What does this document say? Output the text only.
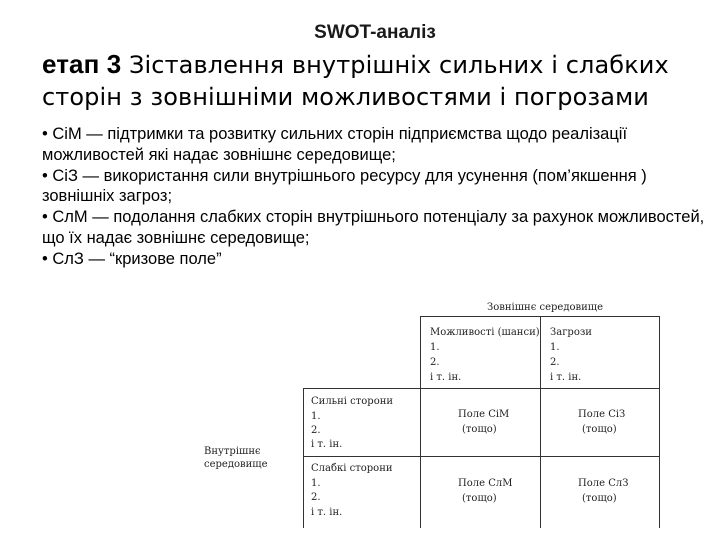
SWOT-аналіз
етап 3 Зіставлення внутрішніх сильних і слабких сторін з зовнішніми можливостями і погрозами

• СіМ — підтримки та розвитку сильних сторін підприємства щодо реалізації можливостей які надає зовнішнє середовище;

• СіЗ — використання сили внутрішнього ресурсу для усунення (пом’якшення ) зовнішніх загроз;

• СлМ — подолання слабких сторін внутрішнього потенціалу за рахунок можливостей, що їх надає зовнішнє середовище;

• СлЗ — “кризове поле”

Зовнішнє середовище
Можливості (шанси)
1.
2.
і т. ін.
Загрози
1.
2.
і т. ін.
Внутрішнє
середовище
Сильні сторони
1.
2.
і т. ін.
Слабкі сторони
1.
2.
і т. ін.
Поле СіМ
(тощо)
Поле СіЗ
(тощо)
Поле СлМ
(тощо)
Поле СлЗ
(тощо)
